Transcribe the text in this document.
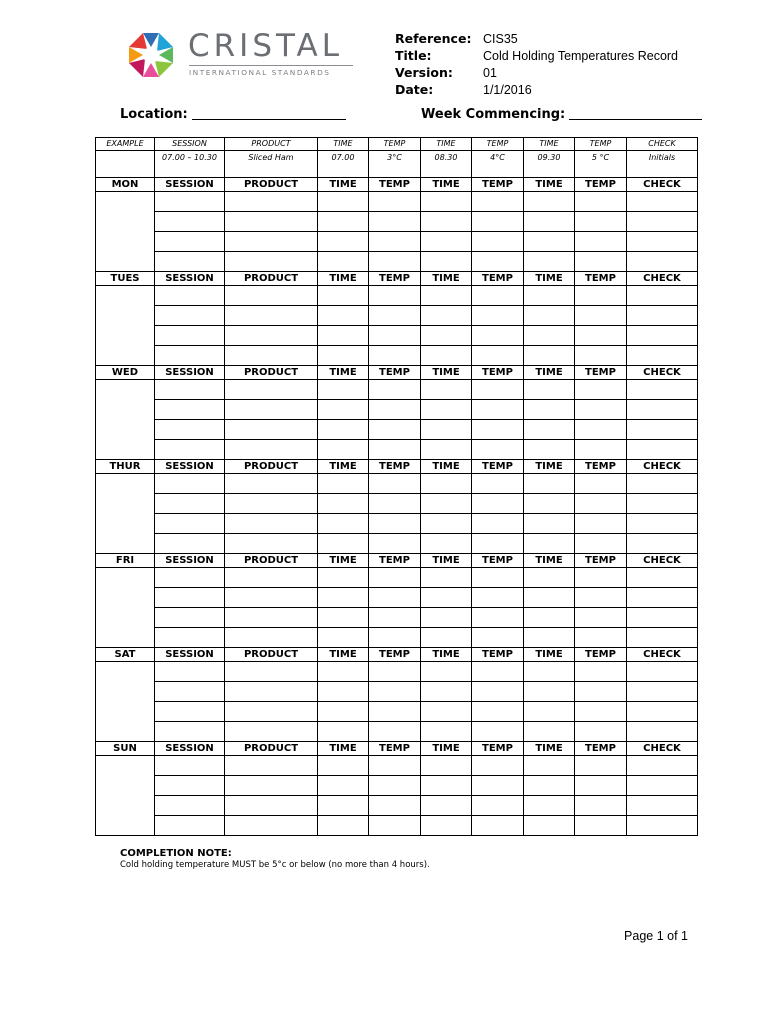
CRISTAL
INTERNATIONAL STANDARDS
Reference: CIS35
Title:	Cold Holding Temperatures Record
Version: 01
Date:	1/1/2016
Location:	Week Commencing:
EXAMPLE	SESSION	PRODUCT	TIME	TEMP	TIME	TEMP	TIME	TEMP	CHECK
	07.00 – 10.30	Sliced Ham	07.00	3°C	08.30	4°C	09.30	5 °C	Initials
MON	SESSION	PRODUCT	TIME	TEMP	TIME	TEMP	TIME	TEMP	CHECK

TUES	SESSION	PRODUCT	TIME	TEMP	TIME	TEMP	TIME	TEMP	CHECK

WED	SESSION	PRODUCT	TIME	TEMP	TIME	TEMP	TIME	TEMP	CHECK

THUR	SESSION	PRODUCT	TIME	TEMP	TIME	TEMP	TIME	TEMP	CHECK

FRI	SESSION	PRODUCT	TIME	TEMP	TIME	TEMP	TIME	TEMP	CHECK

SAT	SESSION	PRODUCT	TIME	TEMP	TIME	TEMP	TIME	TEMP	CHECK

SUN	SESSION	PRODUCT	TIME	TEMP	TIME	TEMP	TIME	TEMP	CHECK

COMPLETION NOTE:
Cold holding temperature MUST be 5°c or below (no more than 4 hours).
Page 1 of 1
